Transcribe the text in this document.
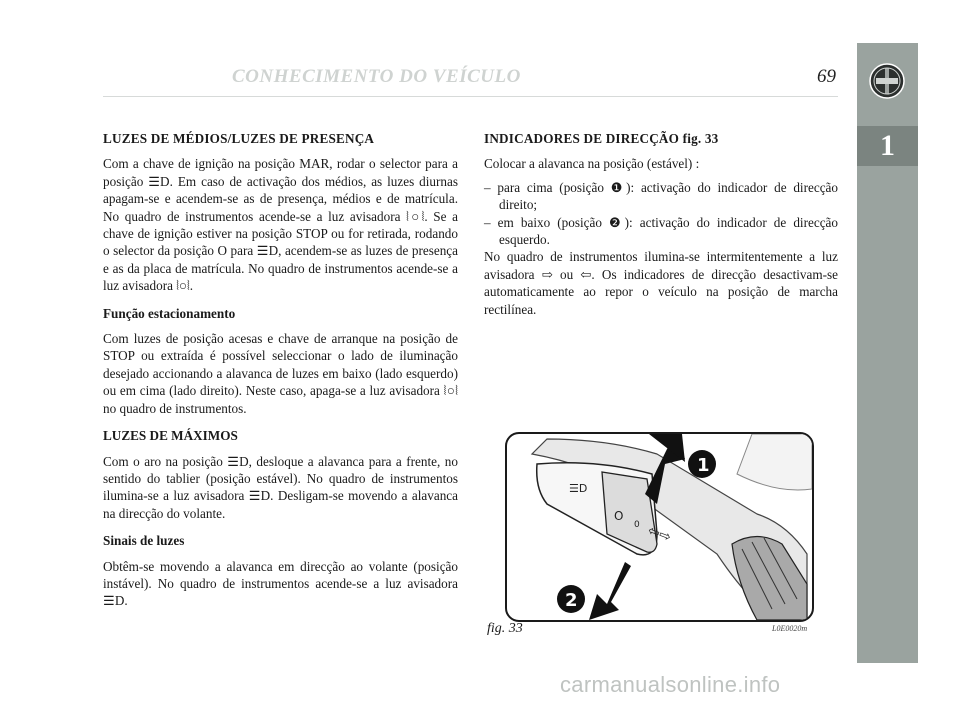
1
CONHECIMENTO DO VEÍCULO	69
LUZES DE MÉDIOS/LUZES DE PRESENÇA

Com a chave de ignição na posição MAR, rodar o selector para a posição ☰D. Em caso de activação dos médios, as luzes diurnas apagam-se e acendem-se as de presença, médios e de matrícula. No quadro de instrumentos acende-se a luz avisadora ⦚○⦚. Se a chave de ignição estiver na posição STOP ou for retirada, rodando o selector da posição O para ☰D, acendem-se as luzes de presença e as da placa de matrícula. No quadro de instrumentos acende-se a luz avisadora ⦚○⦚.

Função estacionamento

Com luzes de posição acesas e chave de arranque na posição de STOP ou extraída é possível seleccionar o lado de iluminação desejado accionando a alavanca de luzes em baixo (lado esquerdo) ou em cima (lado direito). Neste caso, apaga-se a luz avisadora ⦚○⦚ no quadro de instrumentos.

LUZES DE MÁXIMOS

Com o aro na posição ☰D, desloque a alavanca para a frente, no sentido do tablier (posição estável). No quadro de instrumentos ilumina-se a luz avisadora ☰D. Desligam-se movendo a alavanca na direcção do volante.

Sinais de luzes

Obtêm-se movendo a alavanca em direcção ao volante (posição instável). No quadro de instrumentos acende-se a luz avisadora ☰D.

INDICADORES DE DIRECÇÃO fig. 33

Colocar a alavanca na posição (estável) :

– para cima (posição ❶): activação do indicador de direcção direito;

– em baixo (posição ❷): activação do indicador de direcção esquerdo.

No quadro de instrumentos ilumina-se intermitentemente a luz avisadora ⇨ ou ⇦. Os indicadores de direcção desactivam-se automaticamente ao repor o veículo na posição de marcha rectilínea.

☰D
O
0 ⇦⇨
1
2
fig. 33	L0E0020m
carmanualsonline.info
